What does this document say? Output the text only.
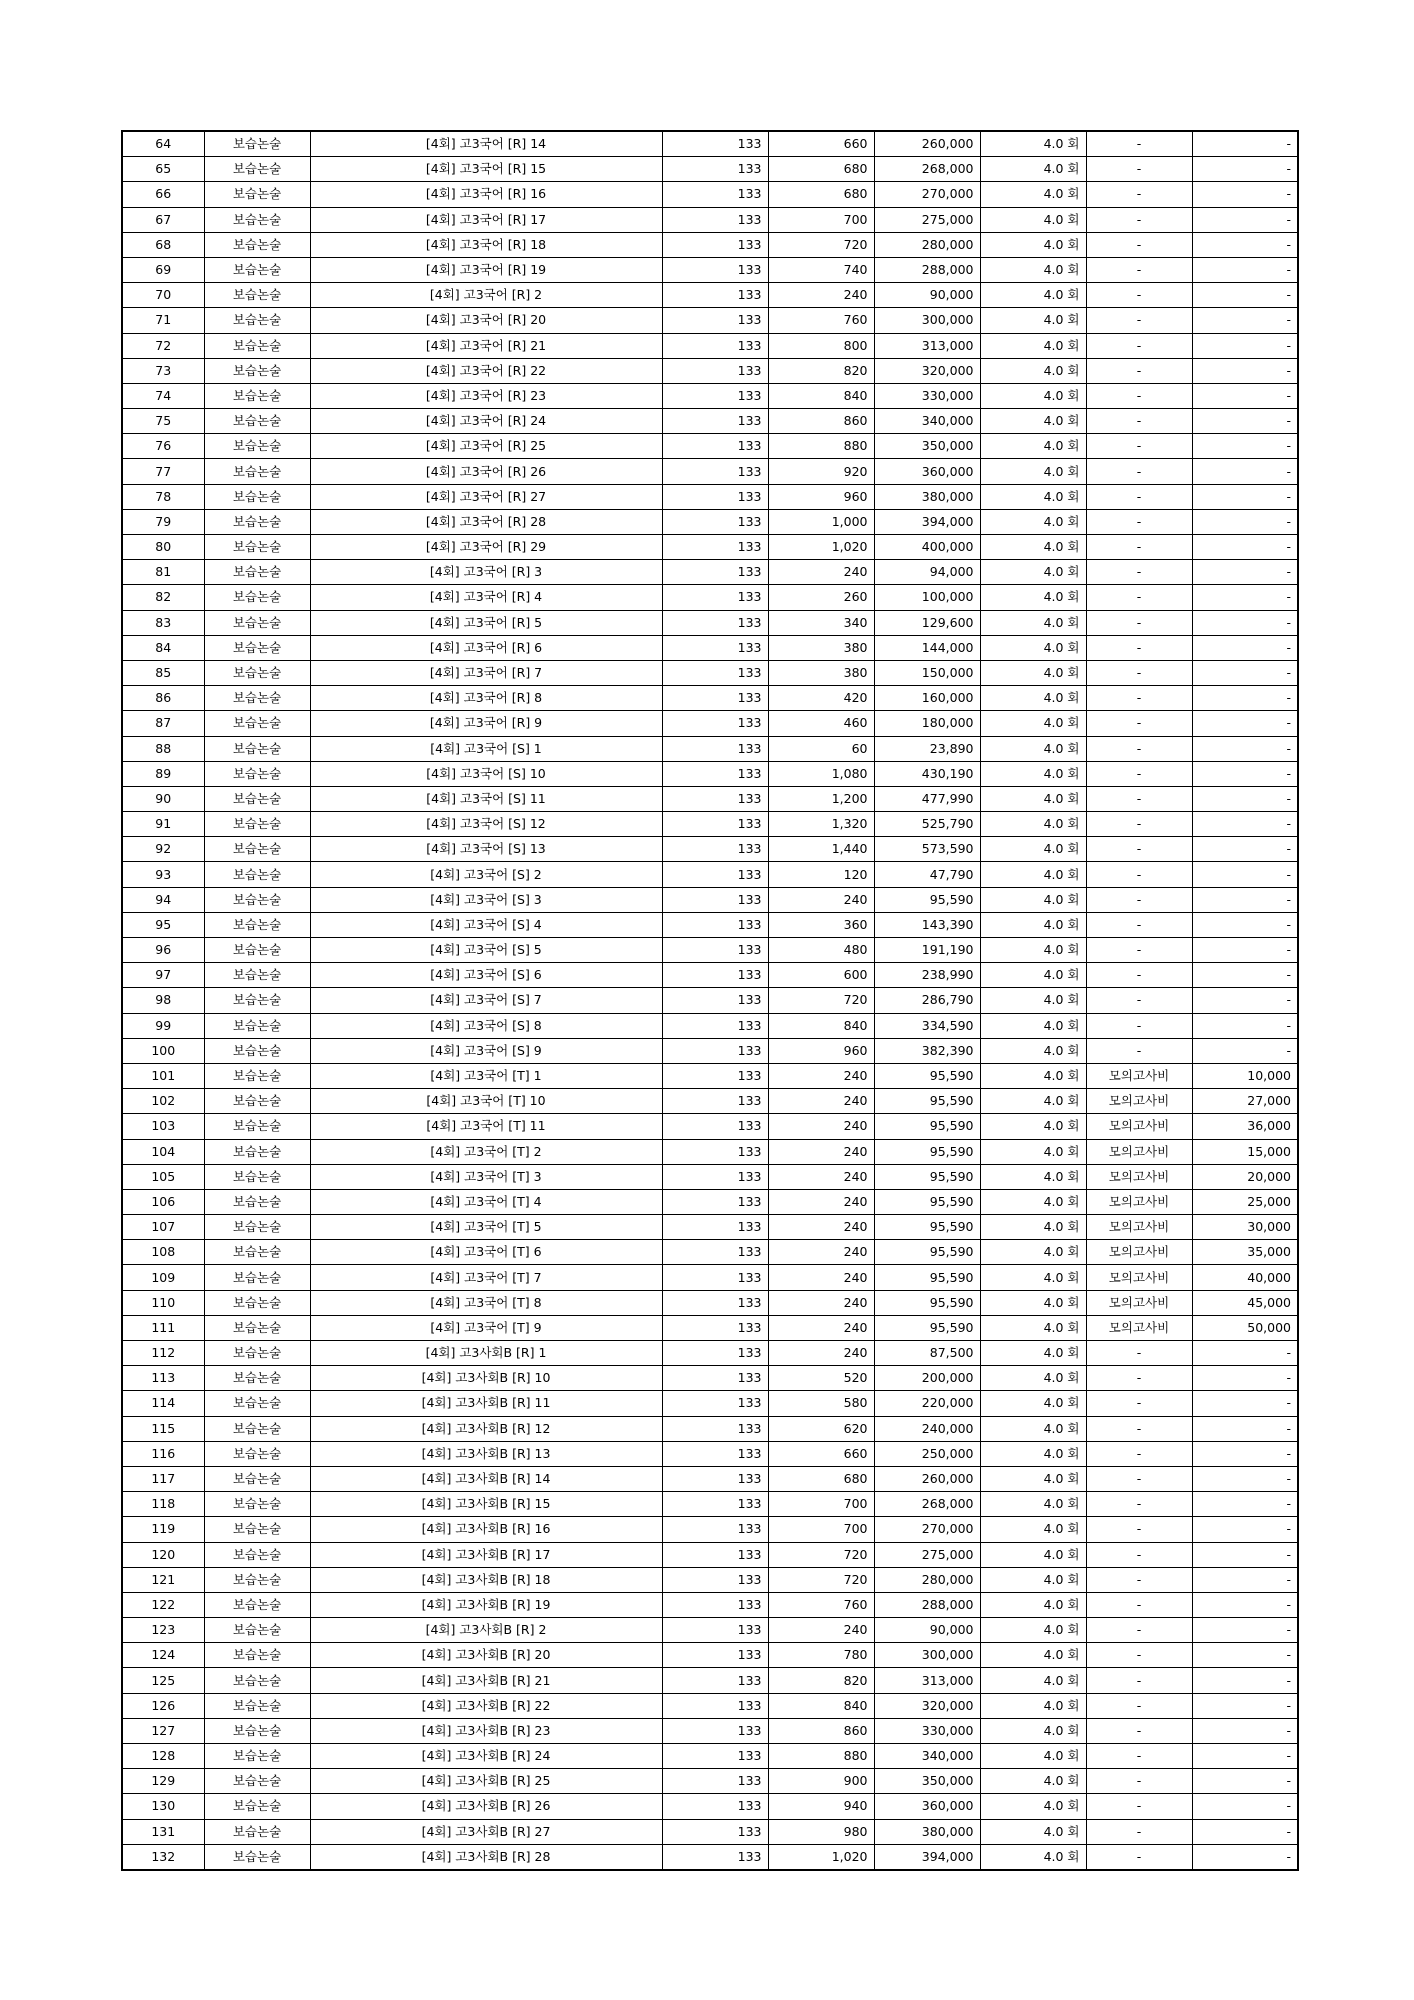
64	보습논술	[4회] 고3국어 [R] 14	133	660	260,000	4.0 회	-	-
65	보습논술	[4회] 고3국어 [R] 15	133	680	268,000	4.0 회	-	-
66	보습논술	[4회] 고3국어 [R] 16	133	680	270,000	4.0 회	-	-
67	보습논술	[4회] 고3국어 [R] 17	133	700	275,000	4.0 회	-	-
68	보습논술	[4회] 고3국어 [R] 18	133	720	280,000	4.0 회	-	-
69	보습논술	[4회] 고3국어 [R] 19	133	740	288,000	4.0 회	-	-
70	보습논술	[4회] 고3국어 [R] 2	133	240	90,000	4.0 회	-	-
71	보습논술	[4회] 고3국어 [R] 20	133	760	300,000	4.0 회	-	-
72	보습논술	[4회] 고3국어 [R] 21	133	800	313,000	4.0 회	-	-
73	보습논술	[4회] 고3국어 [R] 22	133	820	320,000	4.0 회	-	-
74	보습논술	[4회] 고3국어 [R] 23	133	840	330,000	4.0 회	-	-
75	보습논술	[4회] 고3국어 [R] 24	133	860	340,000	4.0 회	-	-
76	보습논술	[4회] 고3국어 [R] 25	133	880	350,000	4.0 회	-	-
77	보습논술	[4회] 고3국어 [R] 26	133	920	360,000	4.0 회	-	-
78	보습논술	[4회] 고3국어 [R] 27	133	960	380,000	4.0 회	-	-
79	보습논술	[4회] 고3국어 [R] 28	133	1,000	394,000	4.0 회	-	-
80	보습논술	[4회] 고3국어 [R] 29	133	1,020	400,000	4.0 회	-	-
81	보습논술	[4회] 고3국어 [R] 3	133	240	94,000	4.0 회	-	-
82	보습논술	[4회] 고3국어 [R] 4	133	260	100,000	4.0 회	-	-
83	보습논술	[4회] 고3국어 [R] 5	133	340	129,600	4.0 회	-	-
84	보습논술	[4회] 고3국어 [R] 6	133	380	144,000	4.0 회	-	-
85	보습논술	[4회] 고3국어 [R] 7	133	380	150,000	4.0 회	-	-
86	보습논술	[4회] 고3국어 [R] 8	133	420	160,000	4.0 회	-	-
87	보습논술	[4회] 고3국어 [R] 9	133	460	180,000	4.0 회	-	-
88	보습논술	[4회] 고3국어 [S] 1	133	60	23,890	4.0 회	-	-
89	보습논술	[4회] 고3국어 [S] 10	133	1,080	430,190	4.0 회	-	-
90	보습논술	[4회] 고3국어 [S] 11	133	1,200	477,990	4.0 회	-	-
91	보습논술	[4회] 고3국어 [S] 12	133	1,320	525,790	4.0 회	-	-
92	보습논술	[4회] 고3국어 [S] 13	133	1,440	573,590	4.0 회	-	-
93	보습논술	[4회] 고3국어 [S] 2	133	120	47,790	4.0 회	-	-
94	보습논술	[4회] 고3국어 [S] 3	133	240	95,590	4.0 회	-	-
95	보습논술	[4회] 고3국어 [S] 4	133	360	143,390	4.0 회	-	-
96	보습논술	[4회] 고3국어 [S] 5	133	480	191,190	4.0 회	-	-
97	보습논술	[4회] 고3국어 [S] 6	133	600	238,990	4.0 회	-	-
98	보습논술	[4회] 고3국어 [S] 7	133	720	286,790	4.0 회	-	-
99	보습논술	[4회] 고3국어 [S] 8	133	840	334,590	4.0 회	-	-
100	보습논술	[4회] 고3국어 [S] 9	133	960	382,390	4.0 회	-	-
101	보습논술	[4회] 고3국어 [T] 1	133	240	95,590	4.0 회	모의고사비	10,000
102	보습논술	[4회] 고3국어 [T] 10	133	240	95,590	4.0 회	모의고사비	27,000
103	보습논술	[4회] 고3국어 [T] 11	133	240	95,590	4.0 회	모의고사비	36,000
104	보습논술	[4회] 고3국어 [T] 2	133	240	95,590	4.0 회	모의고사비	15,000
105	보습논술	[4회] 고3국어 [T] 3	133	240	95,590	4.0 회	모의고사비	20,000
106	보습논술	[4회] 고3국어 [T] 4	133	240	95,590	4.0 회	모의고사비	25,000
107	보습논술	[4회] 고3국어 [T] 5	133	240	95,590	4.0 회	모의고사비	30,000
108	보습논술	[4회] 고3국어 [T] 6	133	240	95,590	4.0 회	모의고사비	35,000
109	보습논술	[4회] 고3국어 [T] 7	133	240	95,590	4.0 회	모의고사비	40,000
110	보습논술	[4회] 고3국어 [T] 8	133	240	95,590	4.0 회	모의고사비	45,000
111	보습논술	[4회] 고3국어 [T] 9	133	240	95,590	4.0 회	모의고사비	50,000
112	보습논술	[4회] 고3사회B [R] 1	133	240	87,500	4.0 회	-	-
113	보습논술	[4회] 고3사회B [R] 10	133	520	200,000	4.0 회	-	-
114	보습논술	[4회] 고3사회B [R] 11	133	580	220,000	4.0 회	-	-
115	보습논술	[4회] 고3사회B [R] 12	133	620	240,000	4.0 회	-	-
116	보습논술	[4회] 고3사회B [R] 13	133	660	250,000	4.0 회	-	-
117	보습논술	[4회] 고3사회B [R] 14	133	680	260,000	4.0 회	-	-
118	보습논술	[4회] 고3사회B [R] 15	133	700	268,000	4.0 회	-	-
119	보습논술	[4회] 고3사회B [R] 16	133	700	270,000	4.0 회	-	-
120	보습논술	[4회] 고3사회B [R] 17	133	720	275,000	4.0 회	-	-
121	보습논술	[4회] 고3사회B [R] 18	133	720	280,000	4.0 회	-	-
122	보습논술	[4회] 고3사회B [R] 19	133	760	288,000	4.0 회	-	-
123	보습논술	[4회] 고3사회B [R] 2	133	240	90,000	4.0 회	-	-
124	보습논술	[4회] 고3사회B [R] 20	133	780	300,000	4.0 회	-	-
125	보습논술	[4회] 고3사회B [R] 21	133	820	313,000	4.0 회	-	-
126	보습논술	[4회] 고3사회B [R] 22	133	840	320,000	4.0 회	-	-
127	보습논술	[4회] 고3사회B [R] 23	133	860	330,000	4.0 회	-	-
128	보습논술	[4회] 고3사회B [R] 24	133	880	340,000	4.0 회	-	-
129	보습논술	[4회] 고3사회B [R] 25	133	900	350,000	4.0 회	-	-
130	보습논술	[4회] 고3사회B [R] 26	133	940	360,000	4.0 회	-	-
131	보습논술	[4회] 고3사회B [R] 27	133	980	380,000	4.0 회	-	-
132	보습논술	[4회] 고3사회B [R] 28	133	1,020	394,000	4.0 회	-	-
